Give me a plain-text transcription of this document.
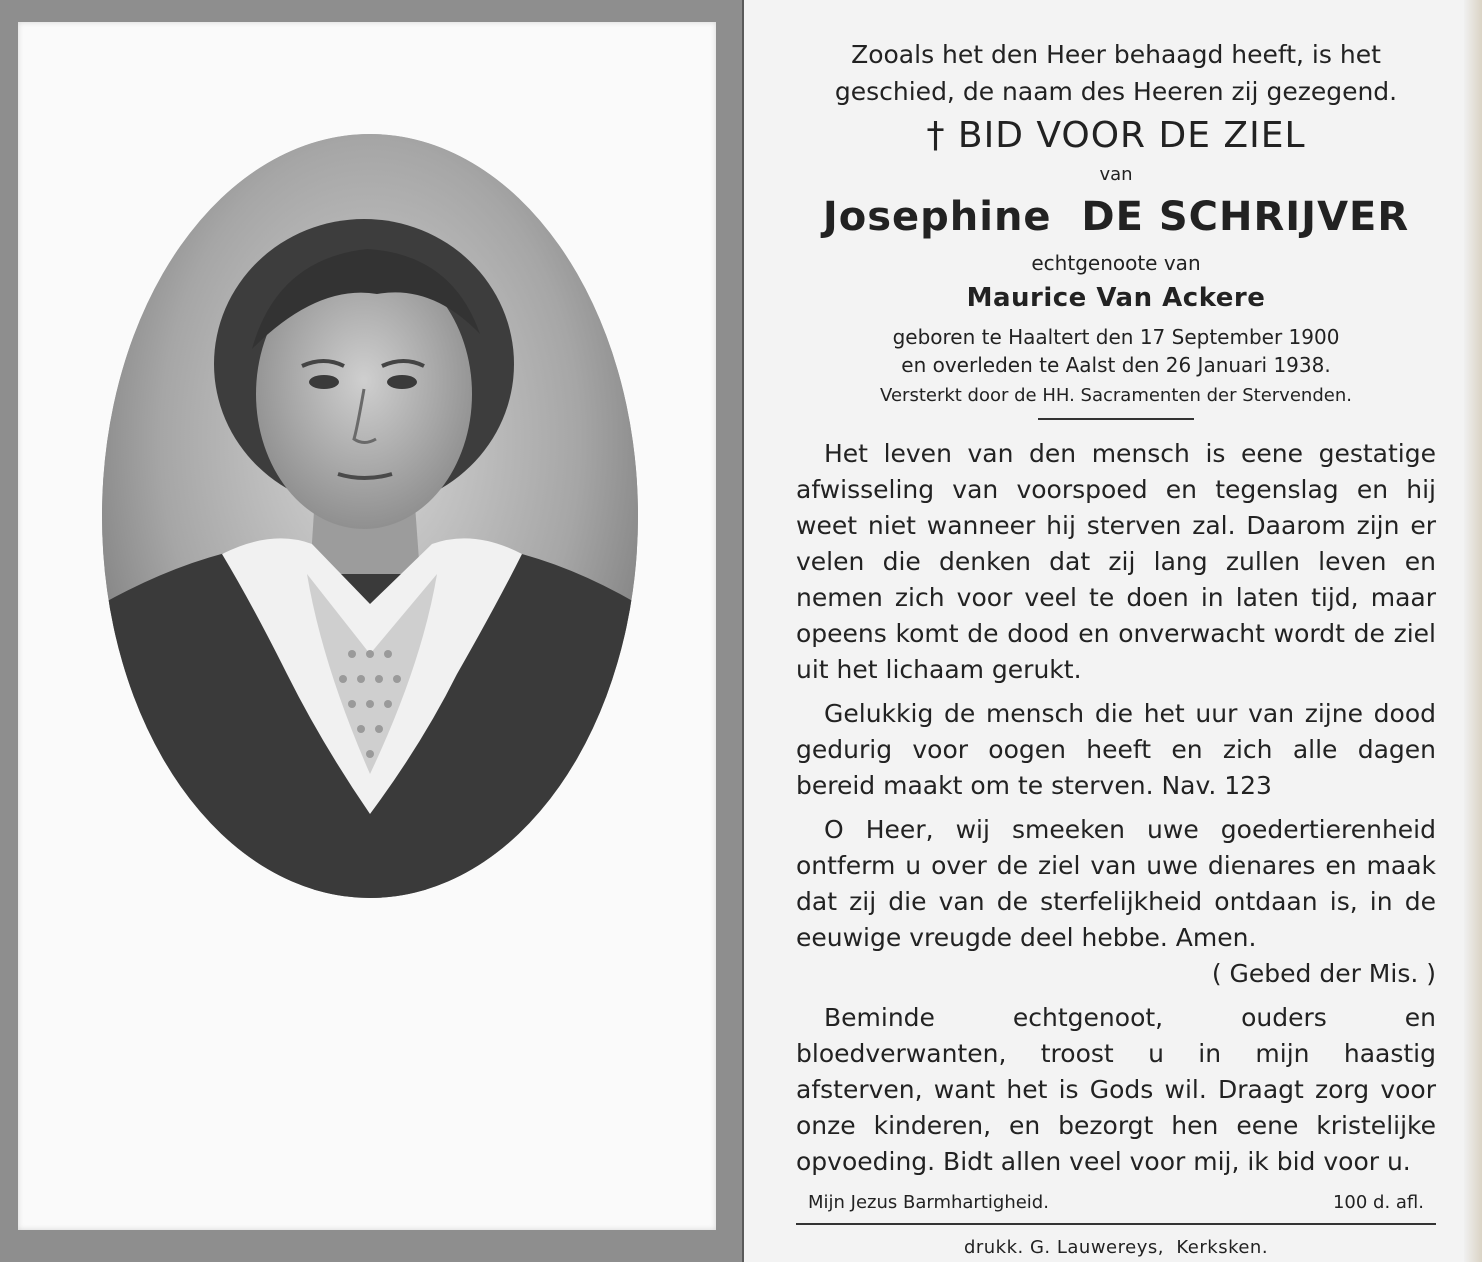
Zooals het den Heer behaagd heeft, is het
geschied, de naam des Heeren zij gezegend.

† BID VOOR DE ZIEL

van

Josephine  DE SCHRIJVER

echtgenoote van

Maurice Van Ackere

geboren te Haaltert den 17 September 1900
en overleden te Aalst den 26 Januari 1938.

Versterkt door de HH. Sacramenten der Stervenden.

Het leven van den mensch is eene gestatige afwisseling van voorspoed en tegenslag en hij weet niet wanneer hij sterven zal. Daarom zijn er velen die denken dat zij lang zullen leven en nemen zich voor veel te doen in laten tijd, maar opeens komt de dood en onverwacht wordt de ziel uit het lichaam gerukt.

Gelukkig de mensch die het uur van zijne dood gedurig voor oogen heeft en zich alle dagen bereid maakt om te sterven. Nav. 123

O Heer, wij smeeken uwe goedertierenheid ontferm u over de ziel van uwe dienares en maak dat zij die van de sterfelijkheid ontdaan is, in de eeuwige vreugde deel hebbe. Amen.

( Gebed der Mis. )

Beminde echtgenoot, ouders en bloedverwanten, troost u in mijn haastig afsterven, want het is Gods wil. Draagt zorg voor onze kinderen, en bezorgt hen eene kristelijke opvoeding. Bidt allen veel voor mij, ik bid voor u.

Mijn Jezus Barmhartigheid.	100 d. afl.

drukk. G. Lauwereys,  Kerksken.
